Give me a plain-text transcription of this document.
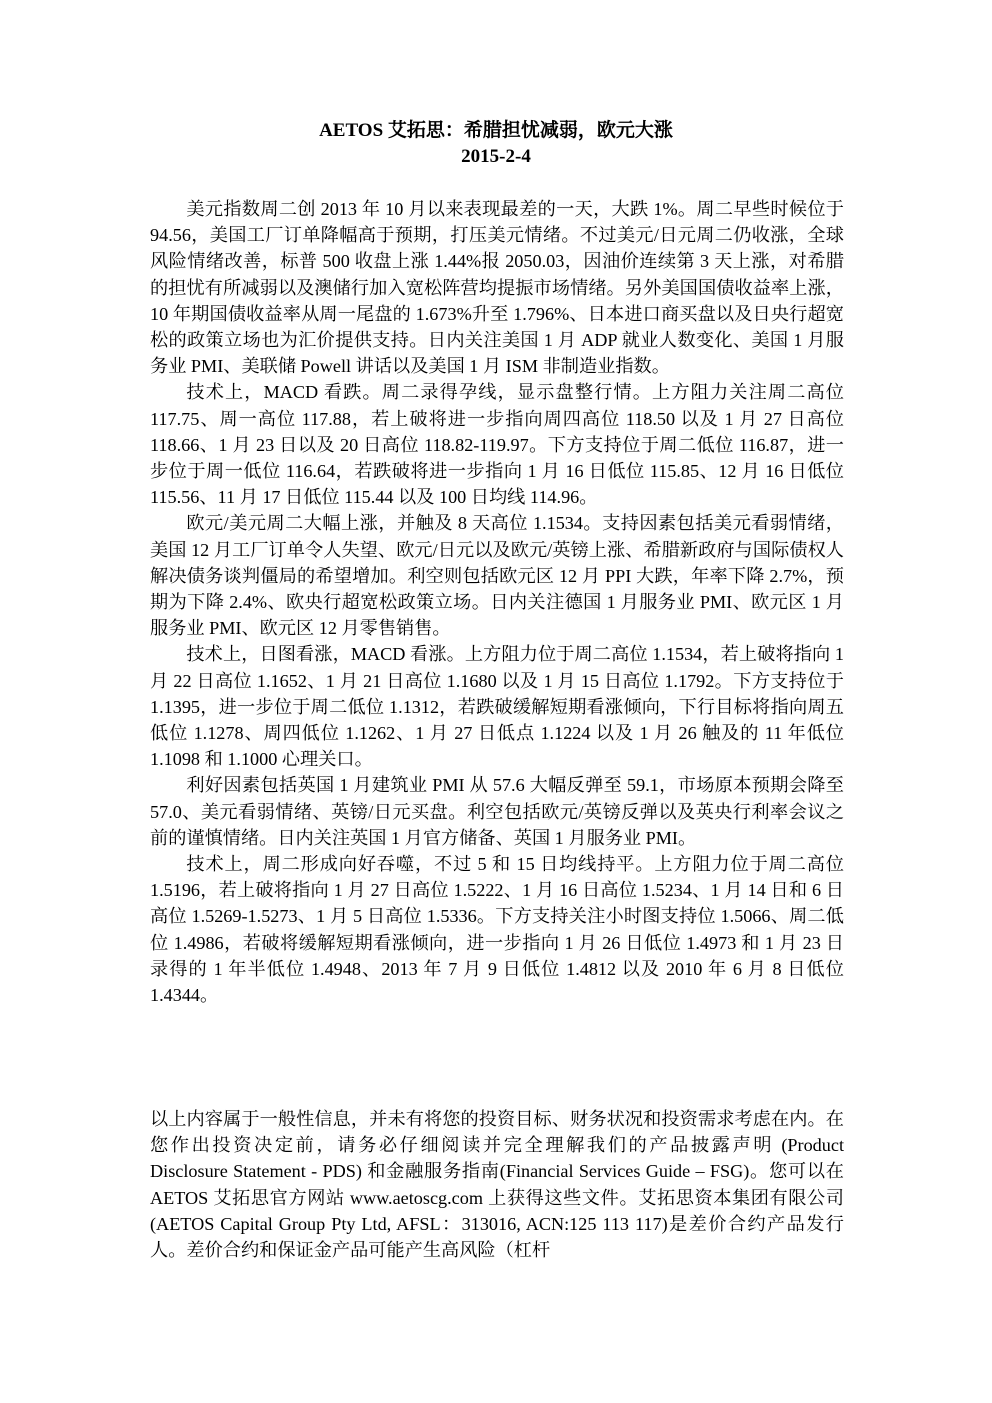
AETOS 艾拓思：希腊担忧减弱，欧元大涨
2015-2-4

美元指数周二创 2013 年 10 月以来表现最差的一天，大跌 1%。周二早些时候位于 94.56，美国工厂订单降幅高于预期，打压美元情绪。不过美元/日元周二仍收涨，全球风险情绪改善，标普 500 收盘上涨 1.44%报 2050.03，因油价连续第 3 天上涨，对希腊的担忧有所减弱以及澳储行加入宽松阵营均提振市场情绪。另外美国国债收益率上涨，10 年期国债收益率从周一尾盘的 1.673%升至 1.796%、日本进口商买盘以及日央行超宽松的政策立场也为汇价提供支持。日内关注美国 1 月 ADP 就业人数变化、美国 1 月服务业 PMI、美联储 Powell 讲话以及美国 1 月 ISM 非制造业指数。

技术上，MACD 看跌。周二录得孕线，显示盘整行情。上方阻力关注周二高位 117.75、周一高位 117.88，若上破将进一步指向周四高位 118.50 以及 1 月 27 日高位 118.66、1 月 23 日以及 20 日高位 118.82-119.97。下方支持位于周二低位 116.87，进一步位于周一低位 116.64，若跌破将进一步指向 1 月 16 日低位 115.85、12 月 16 日低位 115.56、11 月 17 日低位 115.44 以及 100 日均线 114.96。

欧元/美元周二大幅上涨，并触及 8 天高位 1.1534。支持因素包括美元看弱情绪，美国 12 月工厂订单令人失望、欧元/日元以及欧元/英镑上涨、希腊新政府与国际债权人解决债务谈判僵局的希望增加。利空则包括欧元区 12 月 PPI 大跌，年率下降 2.7%，预期为下降 2.4%、欧央行超宽松政策立场。日内关注德国 1 月服务业 PMI、欧元区 1 月服务业 PMI、欧元区 12 月零售销售。

技术上，日图看涨，MACD 看涨。上方阻力位于周二高位 1.1534，若上破将指向 1 月 22 日高位 1.1652、1 月 21 日高位 1.1680 以及 1 月 15 日高位 1.1792。下方支持位于 1.1395，进一步位于周二低位 1.1312，若跌破缓解短期看涨倾向，下行目标将指向周五低位 1.1278、周四低位 1.1262、1 月 27 日低点 1.1224 以及 1 月 26 触及的 11 年低位 1.1098 和 1.1000 心理关口。

利好因素包括英国 1 月建筑业 PMI 从 57.6 大幅反弹至 59.1，市场原本预期会降至 57.0、美元看弱情绪、英镑/日元买盘。利空包括欧元/英镑反弹以及英央行利率会议之前的谨慎情绪。日内关注英国 1 月官方储备、英国 1 月服务业 PMI。

技术上，周二形成向好吞噬，不过 5 和 15 日均线持平。上方阻力位于周二高位 1.5196，若上破将指向 1 月 27 日高位 1.5222、1 月 16 日高位 1.5234、1 月 14 日和 6 日高位 1.5269-1.5273、1 月 5 日高位 1.5336。下方支持关注小时图支持位 1.5066、周二低位 1.4986，若破将缓解短期看涨倾向，进一步指向 1 月 26 日低位 1.4973 和 1 月 23 日录得的 1 年半低位 1.4948、2013 年 7 月 9 日低位 1.4812 以及 2010 年 6 月 8 日低位 1.4344。

以上内容属于一般性信息，并未有将您的投资目标、财务状况和投资需求考虑在内。在您作出投资决定前，请务必仔细阅读并完全理解我们的产品披露声明 (Product Disclosure Statement - PDS) 和金融服务指南(Financial Services Guide – FSG)。您可以在 AETOS 艾拓思官方网站 www.aetoscg.com 上获得这些文件。艾拓思资本集团有限公司(AETOS Capital Group Pty Ltd, AFSL：313016, ACN:125 113 117)是差价合约产品发行人。差价合约和保证金产品可能产生高风险（杠杆
